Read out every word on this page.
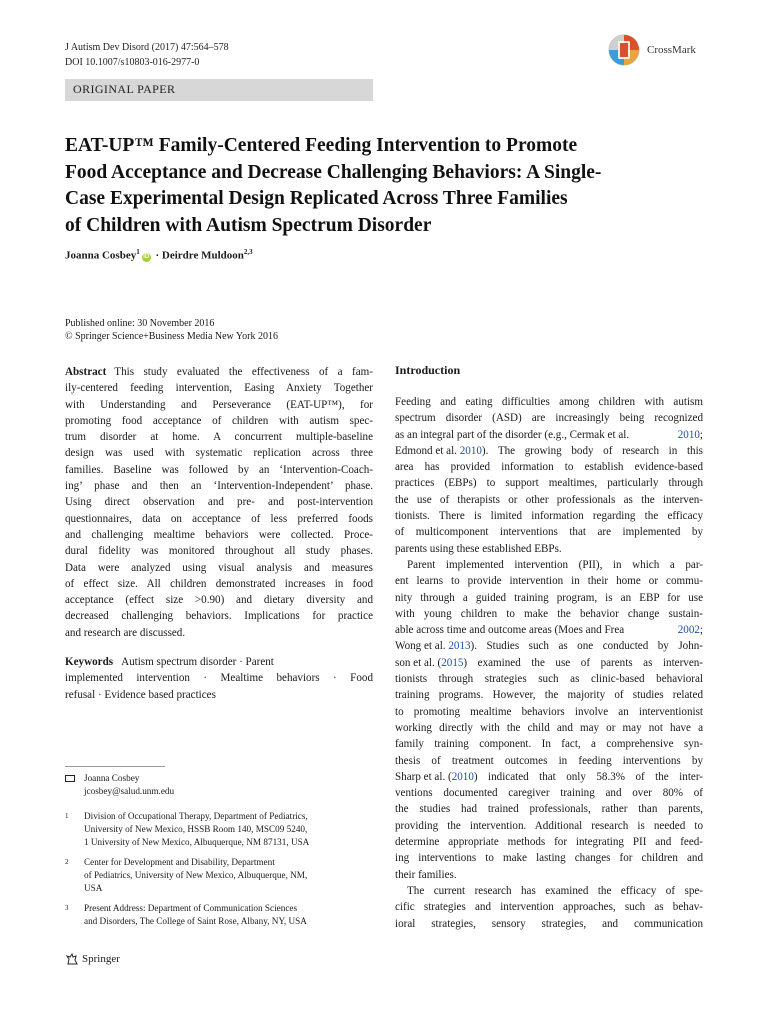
J Autism Dev Disord (2017) 47:564–578
DOI 10.1007/s10803-016-2977-0
CrossMark
ORIGINAL PAPER
EAT-UP™ Family-Centered Feeding Intervention to Promote
Food Acceptance and Decrease Challenging Behaviors: A Single-
Case Experimental Design Replicated Across Three Families
of Children with Autism Spectrum Disorder
Joanna Cosbey$^1$iD · Deirdre Muldoon$^{2,3}$
Published online: 30 November 2016
© Springer Science+Business Media New York 2016
Abstract This study evaluated the effectiveness of a fam-
ily-centered feeding intervention, Easing Anxiety Together
with Understanding and Perseverance (EAT-UP™), for
promoting food acceptance of children with autism spec-
trum disorder at home. A concurrent multiple-baseline
design was used with systematic replication across three
families. Baseline was followed by an ‘Intervention-Coach-
ing’ phase and then an ‘Intervention-Independent’ phase.
Using direct observation and pre- and post-intervention
questionnaires, data on acceptance of less preferred foods
and challenging mealtime behaviors were collected. Proce-
dural fidelity was monitored throughout all study phases.
Data were analyzed using visual analysis and measures
of effect size. All children demonstrated increases in food
acceptance (effect size >0.90) and dietary diversity and
decreased challenging behaviors. Implications for practice
and research are discussed.
Keywords Autism spectrum disorder · Parent
implemented intervention · Mealtime behaviors · Food
refusal · Evidence based practices
Joanna Cosbey
jcosbey@salud.unm.edu
1 Division of Occupational Therapy, Department of Pediatrics,
University of New Mexico, HSSB Room 140, MSC09 5240,
1 University of New Mexico, Albuquerque, NM 87131, USA
2 Center for Development and Disability, Department
of Pediatrics, University of New Mexico, Albuquerque, NM,
USA
3 Present Address: Department of Communication Sciences
and Disorders, The College of Saint Rose, Albany, NY, USA
Springer
Introduction
Feeding and eating difficulties among children with autism
spectrum disorder (ASD) are increasingly being recognized
as an integral part of the disorder (e.g., Cermak et al.	2010;
Edmond et al.
2010 ). The growing body of research in this
area has provided information to establish evidence-based
practices (EBPs) to support mealtimes, particularly through
the use of therapists or other professionals as the interven-
tionists. There is limited information regarding the efficacy
of multicomponent interventions that are implemented by
parents using these established EBPs.
Parent implemented intervention (PII), in which a par-
ent learns to provide intervention in their home or commu-
nity through a guided training program, is an EBP for use
with young children to make the behavior change sustain-
able across time and outcome areas (Moes and Frea	2002;
Wong et al.
2013 ). Studies such as one conducted by John-
son et al. ( 2015 ) examined the use of parents as interven-
tionists through strategies such as clinic-based behavioral
training programs. However, the majority of studies related
to promoting mealtime behaviors involve an interventionist
working directly with the child and may or may not have a
family training component. In fact, a comprehensive syn-
thesis of treatment outcomes in feeding interventions by
Sharp et al. ( 2010 ) indicated that only 58.3% of the inter-
ventions documented caregiver training and over 80% of
the studies had trained professionals, rather than parents,
providing the intervention. Additional research is needed to
determine appropriate methods for integrating PII and feed-
ing interventions to make lasting changes for children and
their families.
The current research has examined the efficacy of spe-
cific strategies and intervention approaches, such as behav-
ioral strategies, sensory strategies, and communication
